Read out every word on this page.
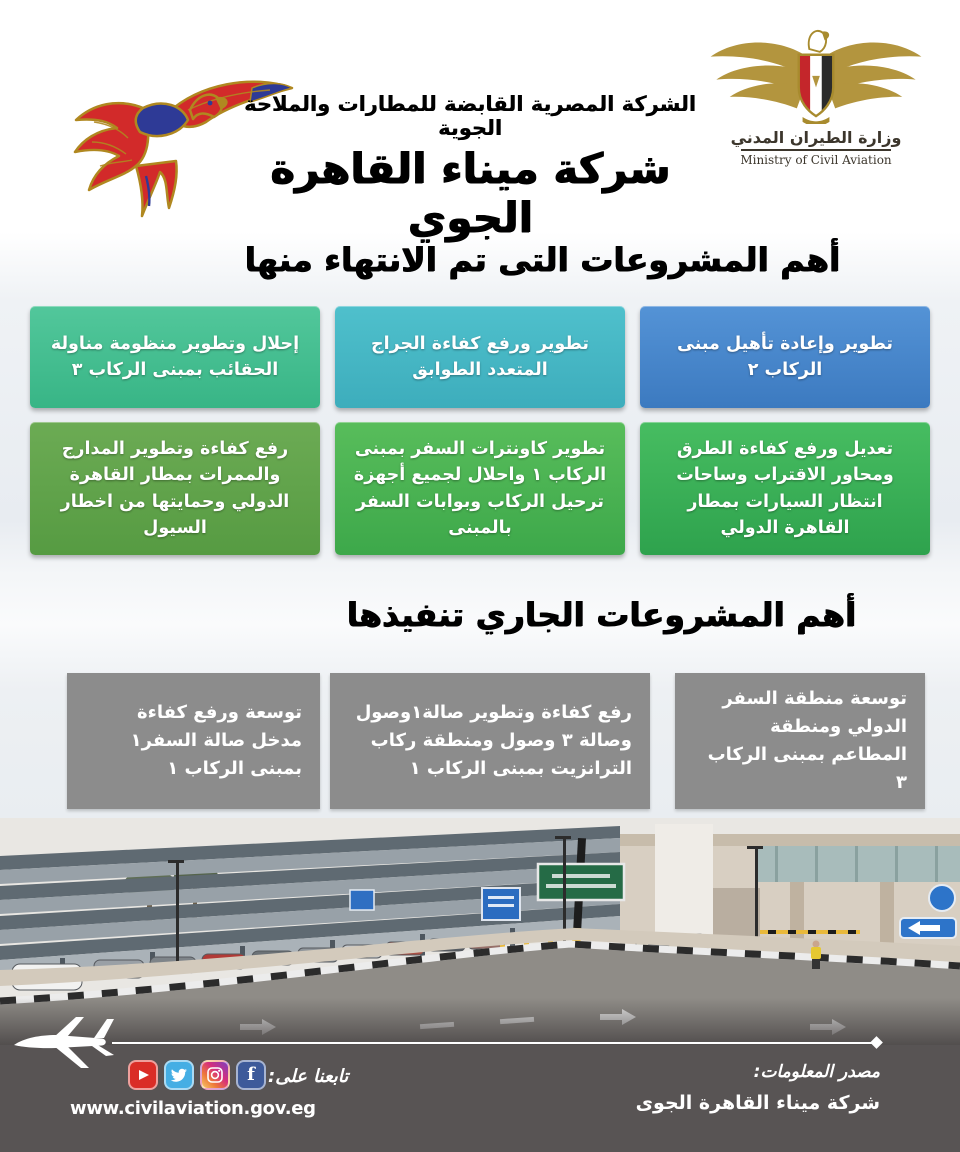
وزارة الطيران المدني
Ministry of Civil Aviation
الشركة المصرية القابضة للمطارات والملاحة الجوية
شركة ميناء القاهرة الجوي
أهم المشروعات التى تم الانتهاء منها
تطوير وإعادة تأهيل مبنى الركاب ٢
تطوير ورفع كفاءة الجراج المتعدد الطوابق
إحلال وتطوير منظومة مناولة الحقائب بمبنى الركاب ٣
تعديل ورفع كفاءة الطرق ومحاور الاقتراب وساحات انتظار السيارات بمطار القاهرة الدولي
تطوير كاونترات السفر بمبنى الركاب ١ واحلال لجميع أجهزة ترحيل الركاب وبوابات السفر بالمبنى
رفع كفاءة وتطوير المدارج والممرات بمطار القاهرة الدولي وحمايتها من اخطار السيول
أهم المشروعات الجاري تنفيذها
توسعة منطقة السفر الدولي ومنطقة المطاعم بمبنى الركاب ٣
رفع كفاءة وتطوير صالة١وصول وصالة ٣ وصول ومنطقة ركاب الترانزيت بمبنى الركاب ١
توسعة ورفع كفاءة مدخل صالة السفر١ بمبنى الركاب ١
f تابعنا على:
www.civilaviation.gov.eg
مصدر المعلومات:
شركة ميناء القاهرة الجوى
